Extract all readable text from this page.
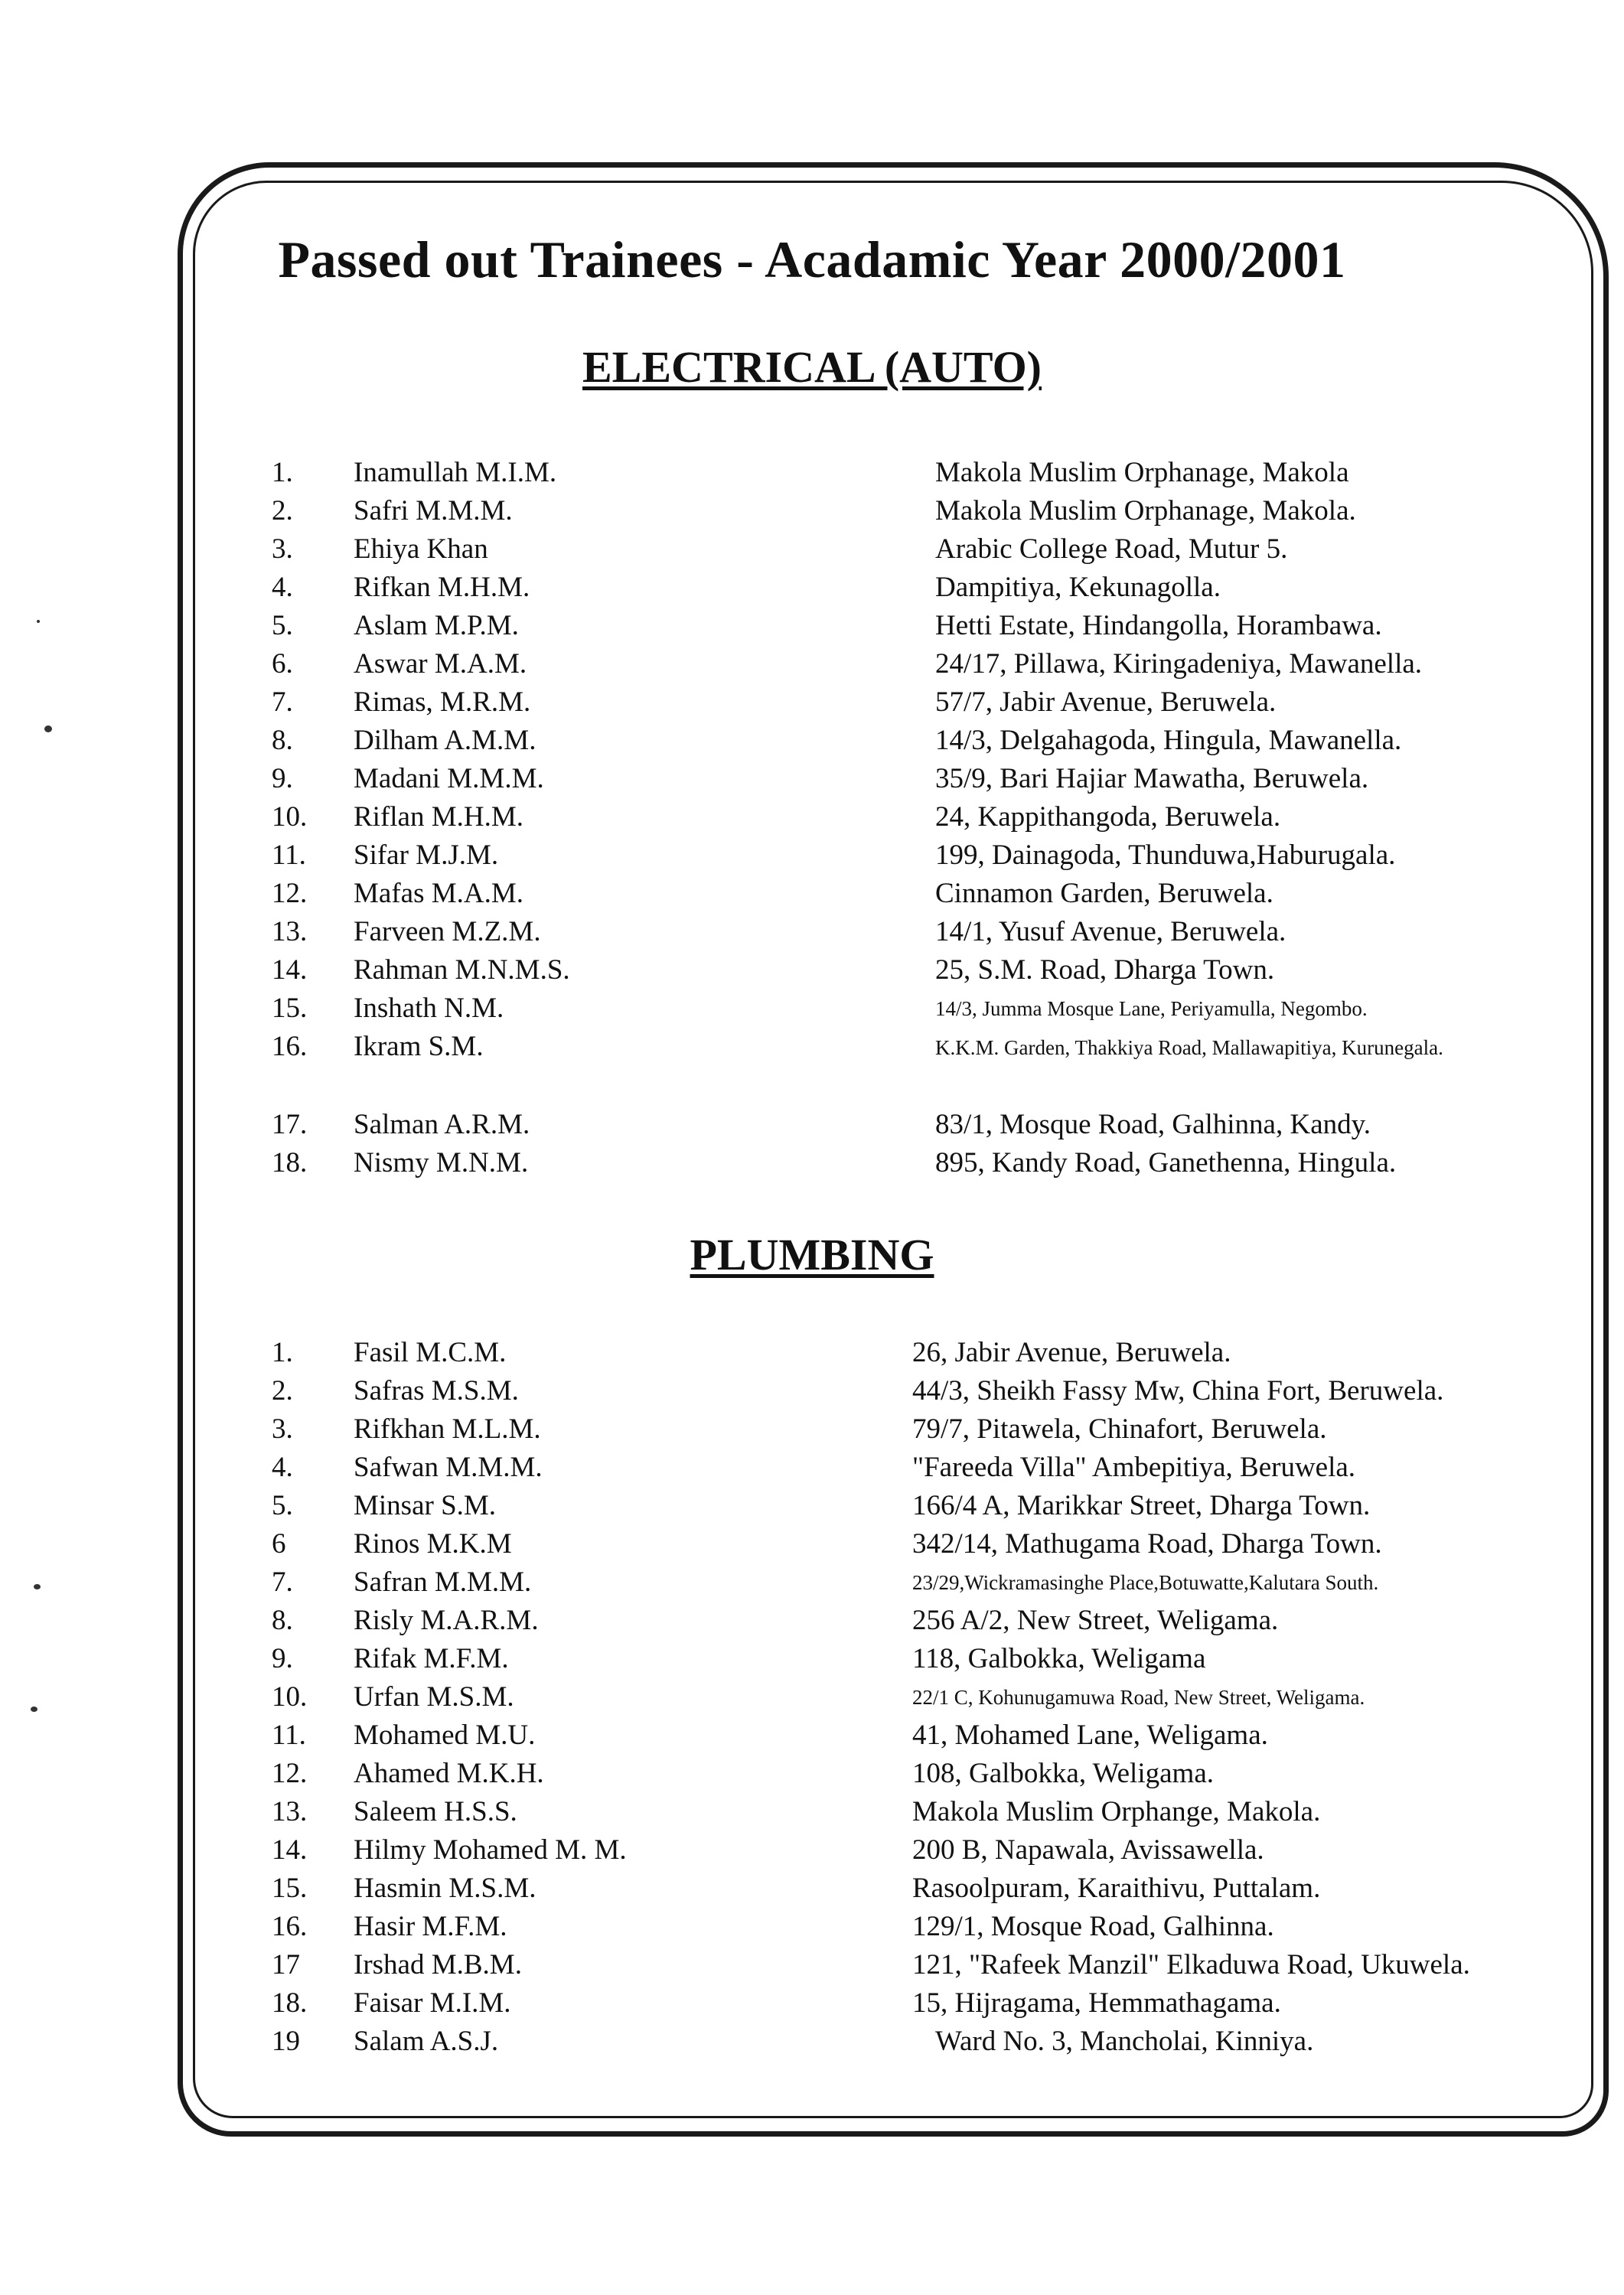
Passed out Trainees - Acadamic Year 2000/2001
ELECTRICAL (AUTO)
1.	Inamullah M.I.M.	Makola Muslim Orphanage, Makola
2.	Safri M.M.M.	Makola Muslim Orphanage, Makola.
3.	Ehiya Khan	Arabic College Road, Mutur 5.
4.	Rifkan M.H.M.	Dampitiya, Kekunagolla.
5.	Aslam M.P.M.	Hetti Estate, Hindangolla, Horambawa.
6.	Aswar M.A.M.	24/17, Pillawa, Kiringadeniya, Mawanella.
7.	Rimas, M.R.M.	57/7, Jabir Avenue, Beruwela.
8.	Dilham A.M.M.	14/3, Delgahagoda, Hingula, Mawanella.
9.	Madani M.M.M.	35/9, Bari Hajiar Mawatha, Beruwela.
10.	Riflan M.H.M.	24, Kappithangoda, Beruwela.
11.	Sifar M.J.M.	199, Dainagoda, Thunduwa,Haburugala.
12.	Mafas M.A.M.	Cinnamon Garden, Beruwela.
13.	Farveen M.Z.M.	14/1, Yusuf Avenue, Beruwela.
14.	Rahman M.N.M.S.	25, S.M. Road, Dharga Town.
15.	Inshath N.M.	14/3, Jumma Mosque Lane, Periyamulla, Negombo.
16.	Ikram S.M.	K.K.M. Garden, Thakkiya Road, Mallawapitiya, Kurunegala.
17.	Salman A.R.M.	83/1, Mosque Road, Galhinna, Kandy.
18.	Nismy M.N.M.	895, Kandy Road, Ganethenna, Hingula.
PLUMBING
1.	Fasil M.C.M.	26, Jabir Avenue, Beruwela.
2.	Safras M.S.M.	44/3, Sheikh Fassy Mw, China Fort, Beruwela.
3.	Rifkhan M.L.M.	79/7, Pitawela, Chinafort, Beruwela.
4.	Safwan M.M.M.	"Fareeda Villa" Ambepitiya, Beruwela.
5.	Minsar S.M.	166/4 A, Marikkar Street, Dharga Town.
6	Rinos M.K.M	342/14, Mathugama Road, Dharga Town.
7.	Safran M.M.M.	23/29,Wickramasinghe Place,Botuwatte,Kalutara South.
8.	Risly M.A.R.M.	256 A/2, New Street, Weligama.
9.	Rifak M.F.M.	118, Galbokka, Weligama
10.	Urfan M.S.M.	22/1 C, Kohunugamuwa Road, New Street, Weligama.
11.	Mohamed M.U.	41, Mohamed Lane, Weligama.
12.	Ahamed M.K.H.	108, Galbokka, Weligama.
13.	Saleem H.S.S.	Makola Muslim Orphange, Makola.
14.	Hilmy Mohamed M. M.	200 B, Napawala, Avissawella.
15.	Hasmin M.S.M.	Rasoolpuram, Karaithivu, Puttalam.
16.	Hasir M.F.M.	129/1, Mosque Road, Galhinna.
17	Irshad M.B.M.	121, "Rafeek Manzil" Elkaduwa Road, Ukuwela.
18.	Faisar M.I.M.	15, Hijragama, Hemmathagama.
19	Salam A.S.J.	Ward No. 3, Mancholai, Kinniya.
